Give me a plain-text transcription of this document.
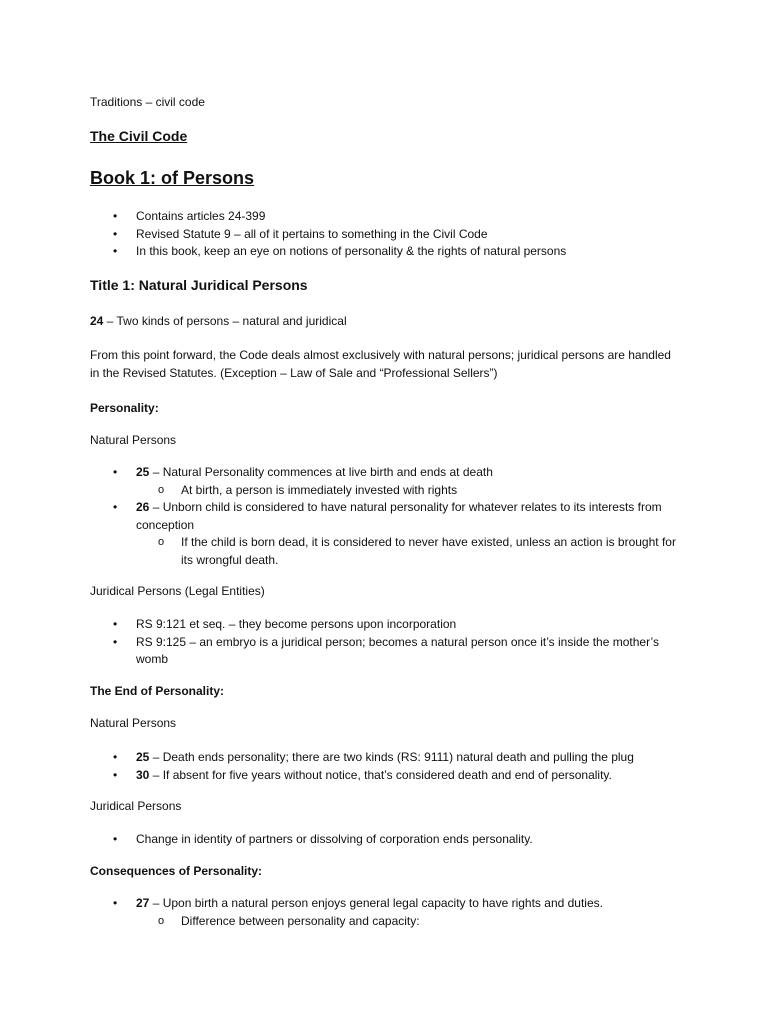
Traditions – civil code

The Civil Code

Book 1: of Persons

• Contains articles 24-399
• Revised Statute 9 – all of it pertains to something in the Civil Code
• In this book, keep an eye on notions of personality & the rights of natural persons

Title 1: Natural Juridical Persons

24 – Two kinds of persons – natural and juridical

From this point forward, the Code deals almost exclusively with natural persons; juridical persons are handled in the Revised Statutes. (Exception – Law of Sale and “Professional Sellers”)

Personality:

Natural Persons

• 25 – Natural Personality commences at live birth and ends at death
o At birth, a person is immediately invested with rights
• 26 – Unborn child is considered to have natural personality for whatever relates to its interests from conception
o If the child is born dead, it is considered to never have existed, unless an action is brought for its wrongful death.

Juridical Persons (Legal Entities)

• RS 9:121 et seq. – they become persons upon incorporation
• RS 9:125 – an embryo is a juridical person; becomes a natural person once it’s inside the mother’s womb

The End of Personality:

Natural Persons

• 25 – Death ends personality; there are two kinds (RS: 9111) natural death and pulling the plug
• 30 – If absent for five years without notice, that’s considered death and end of personality.

Juridical Persons

• Change in identity of partners or dissolving of corporation ends personality.

Consequences of Personality:

• 27 – Upon birth a natural person enjoys general legal capacity to have rights and duties.
o Difference between personality and capacity:
